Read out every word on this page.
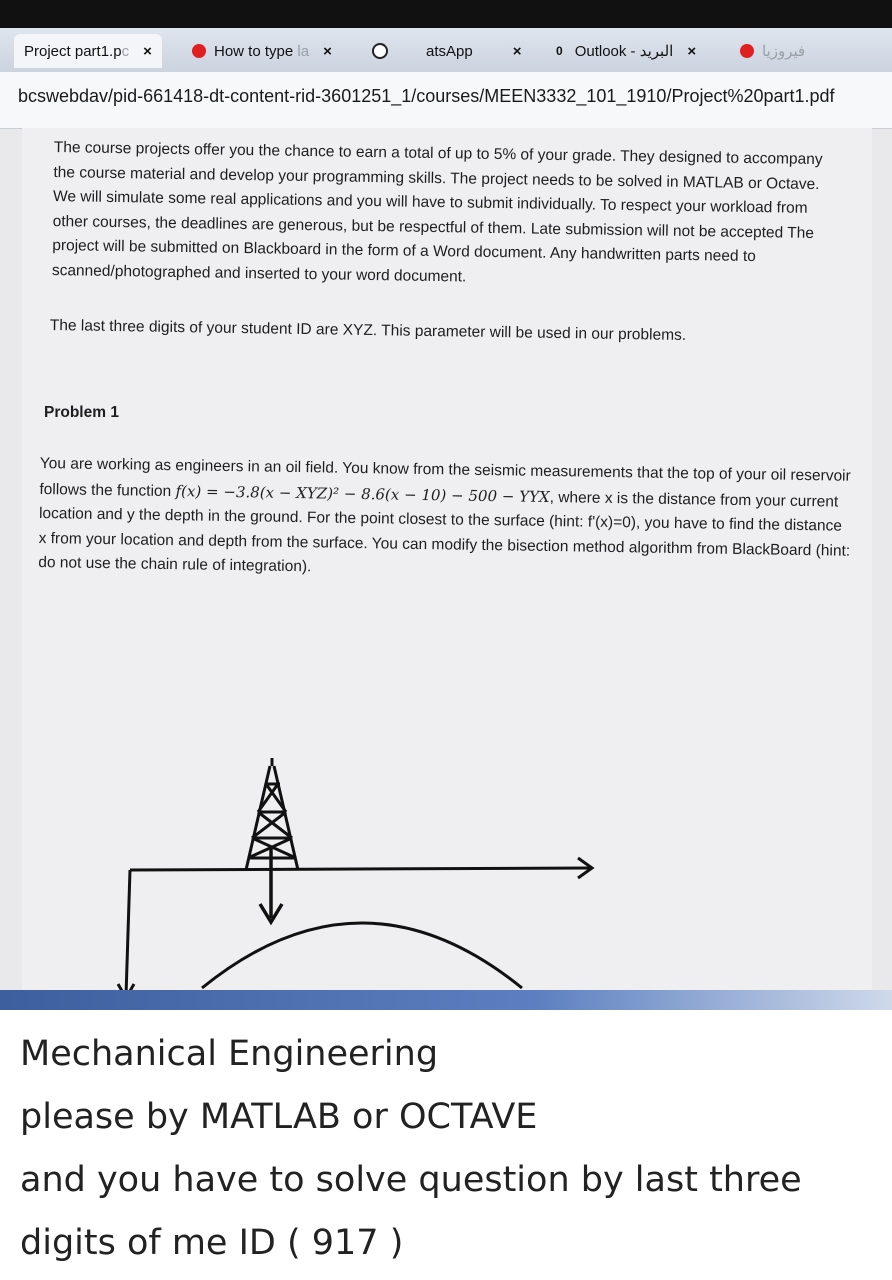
Project part1.pc ×	How to type la ×	atsApp	×	0 Outlook - البريد ×	فيروزيا
bcswebdav/pid-661418-dt-content-rid-3601251_1/courses/MEEN3332_101_1910/Project%20part1.pdf
The course projects offer you the chance to earn a total of up to 5% of your grade. They designed to accompany the course material and develop your programming skills. The project needs to be solved in MATLAB or Octave. We will simulate some real applications and you will have to submit individually. To respect your workload from other courses, the deadlines are generous, but be respectful of them. Late submission will not be accepted The project will be submitted on Blackboard in the form of a Word document. Any handwritten parts need to scanned/photographed and inserted to your word document.
The last three digits of your student ID are XYZ. This parameter will be used in our problems.
Problem 1
You are working as engineers in an oil field. You know from the seismic measurements that the top of your oil reservoir follows the function f(x) = −3.8(x − XYZ)² − 8.6(x − 10) − 500 − YYX, where x is the distance from your current location and y the depth in the ground. For the point closest to the surface (hint: f'(x)=0), you have to find the distance x from your location and depth from the surface. You can modify the bisection method algorithm from BlackBoard (hint: do not use the chain rule of integration).
Mechanical Engineering
please by MATLAB or OCTAVE
and you have to solve question by last three
digits of me ID ( 917 )
